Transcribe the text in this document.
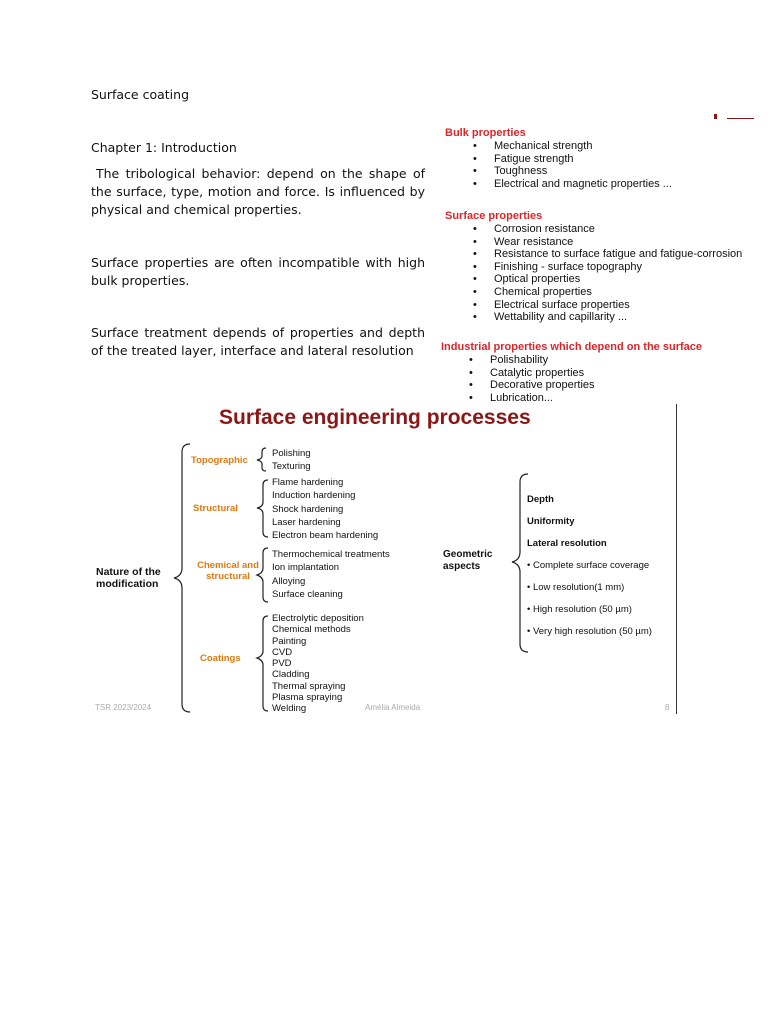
Surface coating
Chapter 1: Introduction
The tribological behavior: depend on the shape of the surface, type, motion and force. Is influenced by physical and chemical properties.
Surface properties are often incompatible with high bulk properties.
Surface treatment depends of properties and depth of the treated layer, interface and lateral resolution
Bulk properties
• Mechanical strength
• Fatigue strength
• Toughness
• Electrical and magnetic properties ...
Surface properties
• Corrosion resistance
• Wear resistance
• Resistance to surface fatigue and fatigue-corrosion
• Finishing - surface topography
• Optical properties
• Chemical properties
• Electrical surface properties
• Wettability and capillarity ...
Industrial properties which depend on the surface
• Polishability
• Catalytic properties
• Decorative properties
• Lubrication...
Surface engineering processes
Nature of the modification
Topographic
Structural
Chemical and structural
Coatings
Polishing
Texturing
Flame hardening
Induction hardening
Shock hardening
Laser hardening
Electron beam hardening
Thermochemical treatments
Ion implantation
Alloying
Surface cleaning
Electrolytic deposition
Chemical methods
Painting
CVD
PVD
Cladding
Thermal spraying
Plasma spraying
Welding
Geometric aspects
Depth
Uniformity
Lateral resolution
• Complete surface coverage
• Low resolution(1 mm)
• High resolution (50 µm)
• Very high resolution (50 µm)
TSR 2023/2024	Amélia Almeida	8
